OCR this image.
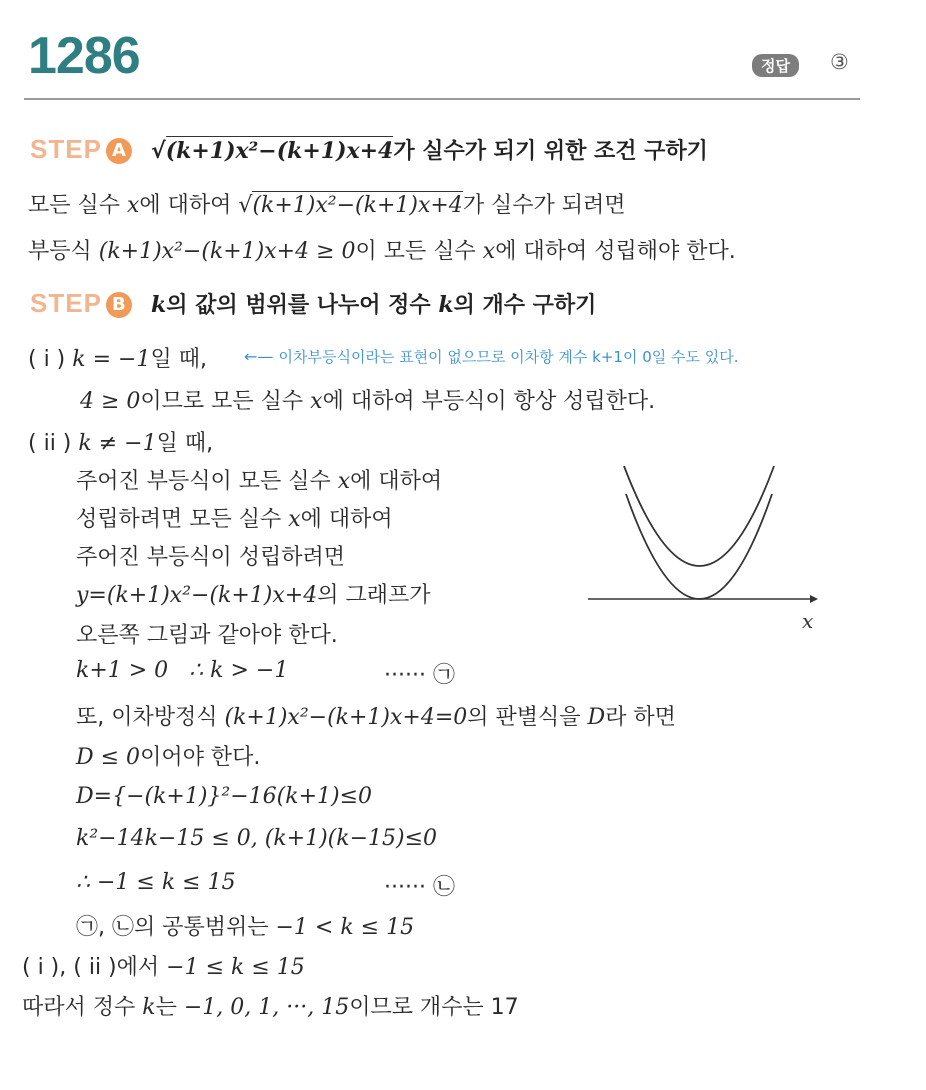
1286	정답	③
STEP A √(k+1)x²−(k+1)x+4가 실수가 되기 위한 조건 구하기
모든 실수 x에 대하여 √(k+1)x²−(k+1)x+4가 실수가 되려면
부등식 (k+1)x²−(k+1)x+4 ≥ 0이 모든 실수 x에 대하여 성립해야 한다.
STEP B k의 값의 범위를 나누어 정수 k의 개수 구하기
( i ) k = −1일 때, ←— 이차부등식이라는 표현이 없으므로 이차항 계수 k+1이 0일 수도 있다.
4 ≥ 0이므로 모든 실수 x에 대하여 부등식이 항상 성립한다.
( ii ) k ≠ −1일 때,
주어진 부등식이 모든 실수 x에 대하여
성립하려면 모든 실수 x에 대하여
주어진 부등식이 성립하려면
y=(k+1)x²−(k+1)x+4의 그래프가
오른쪽 그림과 같아야 한다.
k+1 > 0   ∴ k > −1	······ ㉠
또, 이차방정식 (k+1)x²−(k+1)x+4=0의 판별식을 D라 하면
D ≤ 0이어야 한다.
D={−(k+1)}²−16(k+1)≤0
k²−14k−15 ≤ 0, (k+1)(k−15)≤0
∴ −1 ≤ k ≤ 15	······ ㉡
㉠, ㉡의 공통범위는 −1 < k ≤ 15
( i ), ( ii )에서 −1 ≤ k ≤ 15
따라서 정수 k는 −1, 0, 1, ···, 15이므로 개수는 17
x
